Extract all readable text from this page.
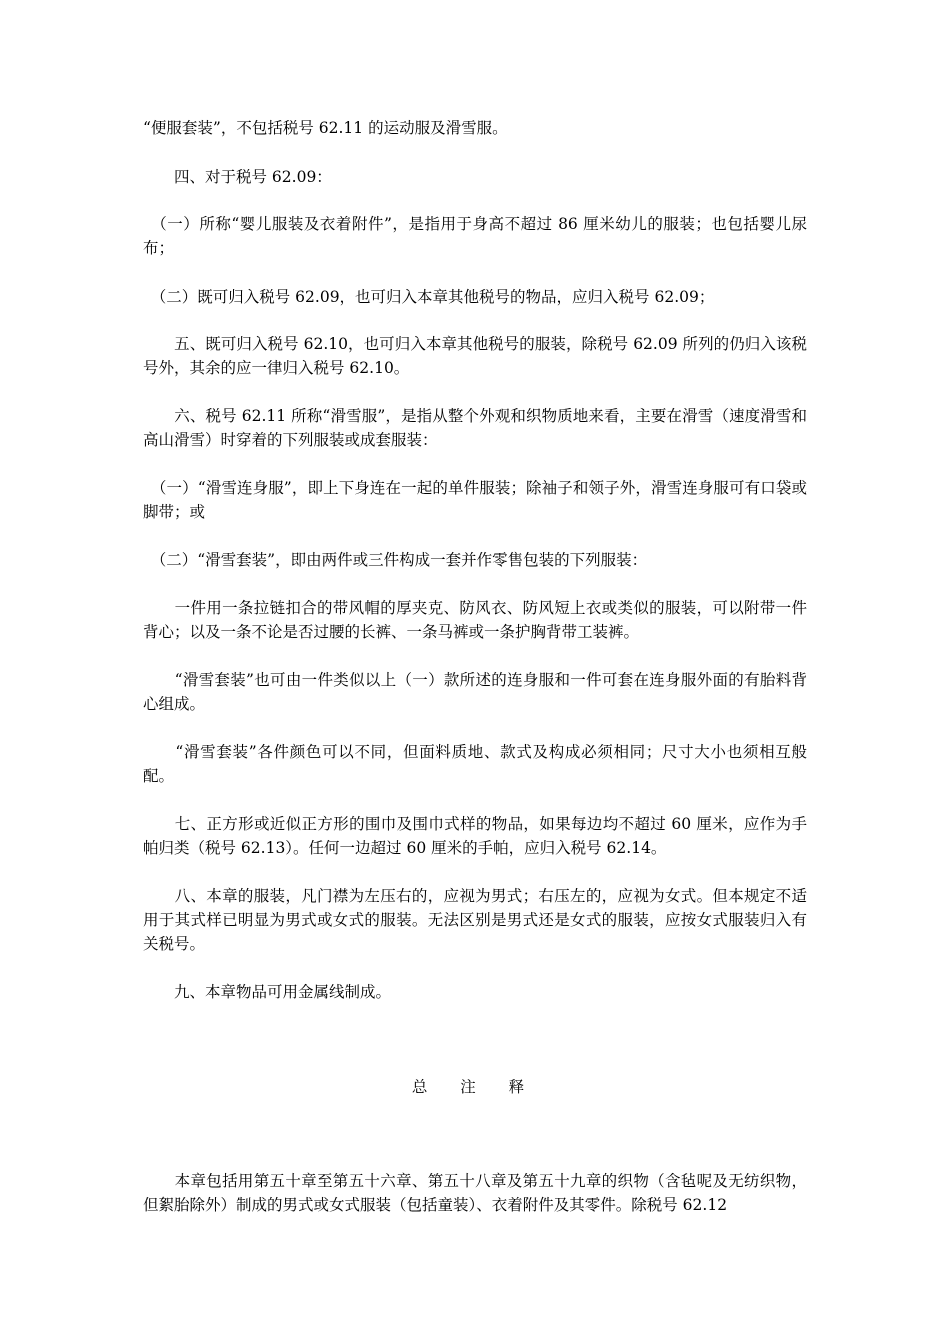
“便服套装”，不包括税号 62.11 的运动服及滑雪服。

　　四、对于税号 62.09：

　（一）所称“婴儿服装及衣着附件”，是指用于身高不超过 86 厘米幼儿的服装；也包括婴儿尿布；

　（二）既可归入税号 62.09，也可归入本章其他税号的物品，应归入税号 62.09；

　　五、既可归入税号 62.10，也可归入本章其他税号的服装，除税号 62.09 所列的仍归入该税号外，其余的应一律归入税号 62.10。

　　六、税号 62.11 所称“滑雪服”，是指从整个外观和织物质地来看，主要在滑雪（速度滑雪和高山滑雪）时穿着的下列服装或成套服装：

　（一）“滑雪连身服”，即上下身连在一起的单件服装；除袖子和领子外，滑雪连身服可有口袋或脚带；或

　（二）“滑雪套装”，即由两件或三件构成一套并作零售包装的下列服装：

　　一件用一条拉链扣合的带风帽的厚夹克、防风衣、防风短上衣或类似的服装，可以附带一件背心；以及一条不论是否过腰的长裤、一条马裤或一条护胸背带工装裤。

　　“滑雪套装”也可由一件类似以上（一）款所述的连身服和一件可套在连身服外面的有胎料背心组成。

　　“滑雪套装”各件颜色可以不同，但面料质地、款式及构成必须相同；尺寸大小也须相互般配。

　　七、正方形或近似正方形的围巾及围巾式样的物品，如果每边均不超过 60 厘米，应作为手帕归类（税号 62.13）。任何一边超过 60 厘米的手帕，应归入税号 62.14。

　　八、本章的服装，凡门襟为左压右的，应视为男式；右压左的，应视为女式。但本规定不适用于其式样已明显为男式或女式的服装。无法区别是男式还是女式的服装，应按女式服装归入有关税号。

　　九、本章物品可用金属线制成。

总 注 释

　　本章包括用第五十章至第五十六章、第五十八章及第五十九章的织物（含毡呢及无纺织物，但絮胎除外）制成的男式或女式服装（包括童装）、衣着附件及其零件。除税号 62.12
